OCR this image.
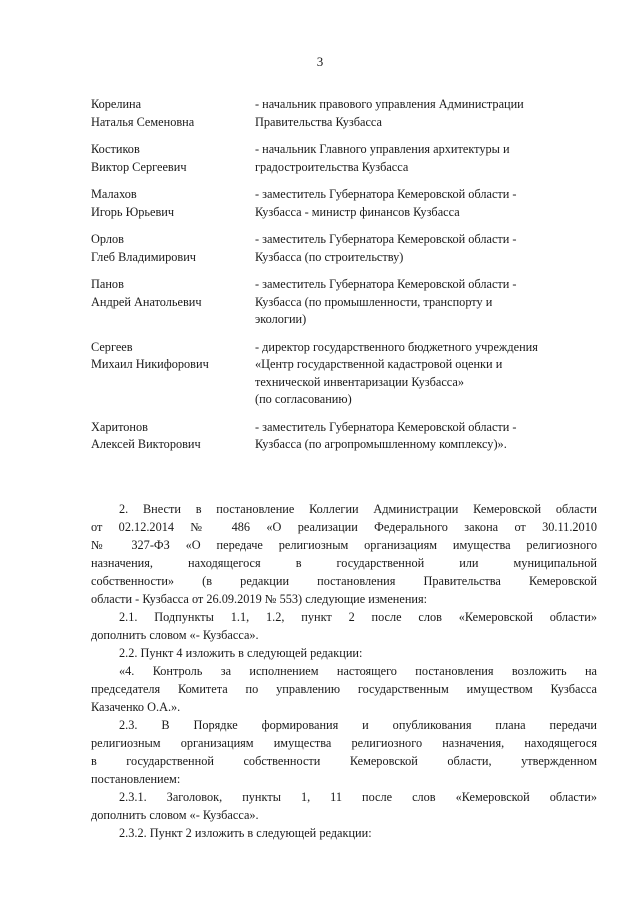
3
Корелина
Наталья Семеновна
- начальник правового управления Администрации
Правительства Кузбасса
Костиков
Виктор Сергеевич
- начальник Главного управления архитектуры и
градостроительства Кузбасса
Малахов
Игорь Юрьевич
- заместитель Губернатора Кемеровской области -
Кузбасса - министр финансов Кузбасса
Орлов
Глеб Владимирович
- заместитель Губернатора Кемеровской области -
Кузбасса (по строительству)
Панов
Андрей Анатольевич
- заместитель Губернатора Кемеровской области -
Кузбасса (по промышленности, транспорту и
экологии)
Сергеев
Михаил Никифорович
- директор государственного бюджетного учреждения
«Центр государственной кадастровой оценки и
технической инвентаризации Кузбасса»
(по согласованию)
Харитонов
Алексей Викторович
- заместитель Губернатора Кемеровской области -
Кузбасса (по агропромышленному комплексу)».

2. Внести в постановление Коллегии Администрации Кемеровской области
от 02.12.2014 № 486 «О реализации Федерального закона от 30.11.2010
№ 327-ФЗ «О передаче религиозным организациям имущества религиозного
назначения, находящегося в государственной или муниципальной
собственности» (в редакции постановления Правительства Кемеровской
области - Кузбасса от 26.09.2019 № 553) следующие изменения:

2.1. Подпункты 1.1, 1.2, пункт 2 после слов «Кемеровской области»
дополнить словом «- Кузбасса».

2.2. Пункт 4 изложить в следующей редакции:

«4. Контроль за исполнением настоящего постановления возложить на
председателя Комитета по управлению государственным имуществом Кузбасса
Казаченко О.А.».

2.3. В Порядке формирования и опубликования плана передачи
религиозным организациям имущества религиозного назначения, находящегося
в государственной собственности Кемеровской области, утвержденном
постановлением:

2.3.1. Заголовок, пункты 1, 11 после слов «Кемеровской области»
дополнить словом «- Кузбасса».

2.3.2. Пункт 2 изложить в следующей редакции:
